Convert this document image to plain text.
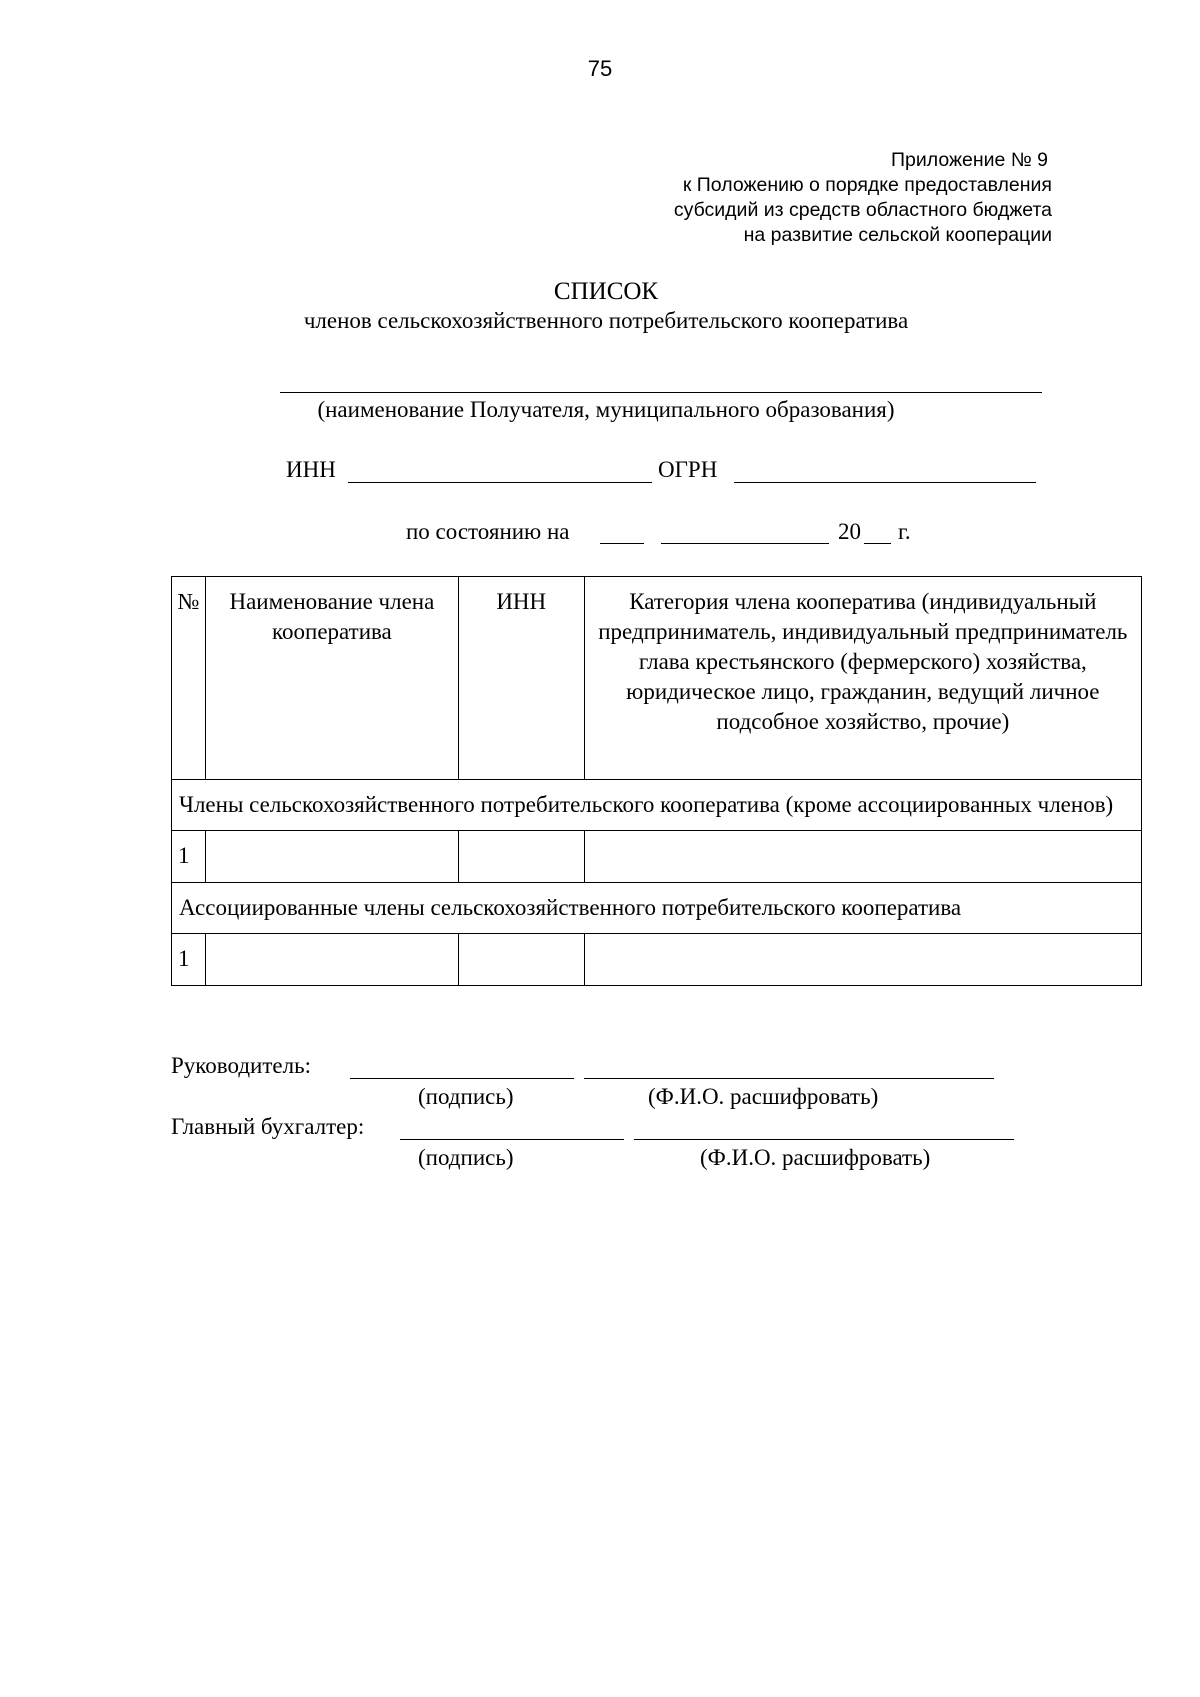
75
Приложение № 9
к Положению о порядке предоставления
субсидий из средств областного бюджета
на развитие сельской кооперации
СПИСОК
членов сельскохозяйственного потребительского кооператива
(наименование Получателя, муниципального образования)
ИНН	ОГРН
по состоянию на	20 г.
№	Наименование члена кооператива	ИНН	Категория члена кооператива (индивидуальный предприниматель, индивидуальный предприниматель глава крестьянского (фермерского) хозяйства, юридическое лицо, гражданин, ведущий личное подсобное хозяйство, прочие)
Члены сельскохозяйственного потребительского кооператива (кроме ассоциированных членов)			
1			
Ассоциированные члены сельскохозяйственного потребительского кооператива			
1			
Руководитель:
(подпись)	(Ф.И.О. расшифровать)
Главный бухгалтер:
(подпись)	(Ф.И.О. расшифровать)
